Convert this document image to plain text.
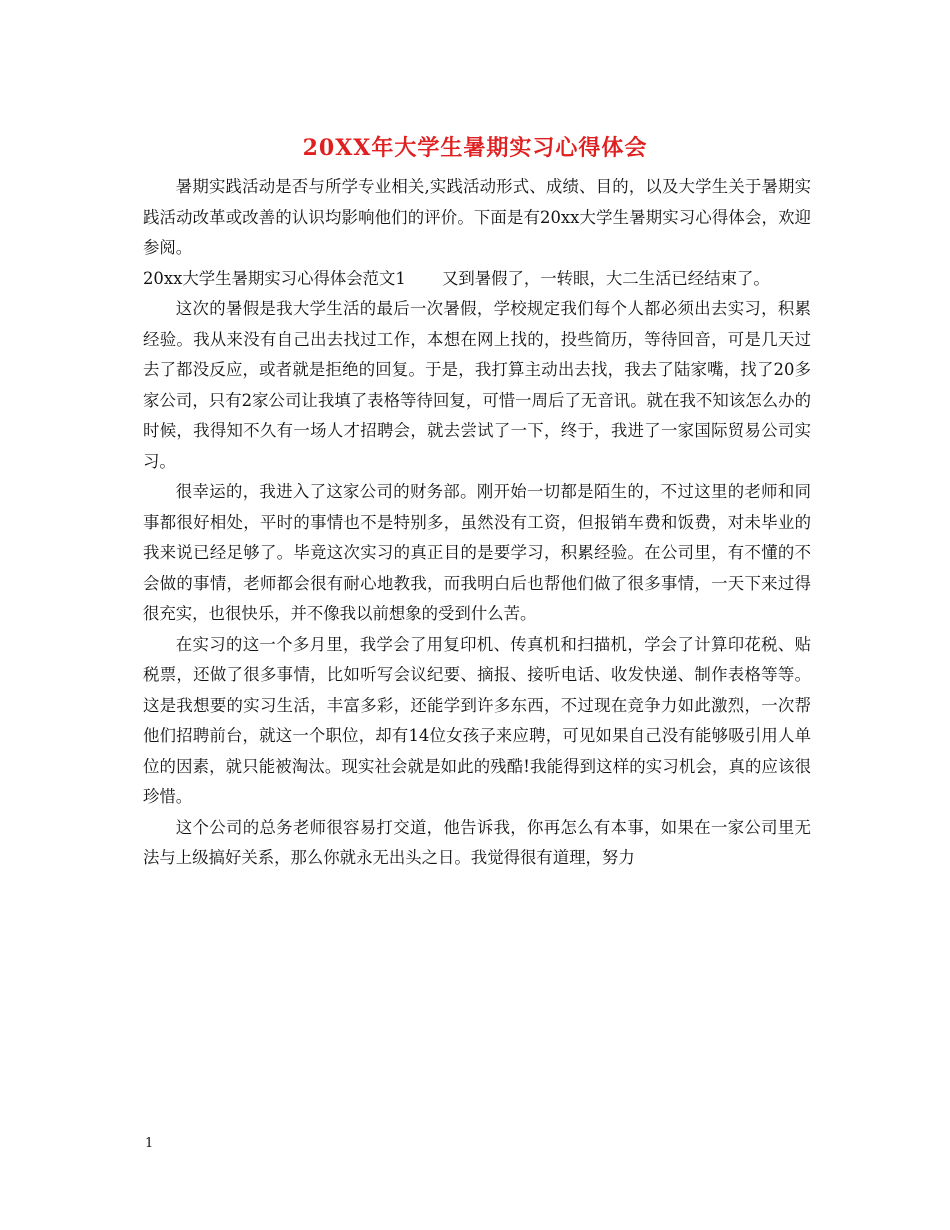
20XX年大学生暑期实习心得体会

暑期实践活动是否与所学专业相关,实践活动形式、成绩、目的，以及大学生关于暑期实践活动改革或改善的认识均影响他们的评价。下面是有20xx大学生暑期实习心得体会，欢迎参阅。

20xx大学生暑期实习心得体会范文1 又到暑假了，一转眼，大二生活已经结束了。

这次的暑假是我大学生活的最后一次暑假，学校规定我们每个人都必须出去实习，积累经验。我从来没有自己出去找过工作，本想在网上找的，投些简历，等待回音，可是几天过去了都没反应，或者就是拒绝的回复。于是，我打算主动出去找，我去了陆家嘴，找了20多家公司，只有2家公司让我填了表格等待回复，可惜一周后了无音讯。就在我不知该怎么办的时候，我得知不久有一场人才招聘会，就去尝试了一下，终于，我进了一家国际贸易公司实习。

很幸运的，我进入了这家公司的财务部。刚开始一切都是陌生的，不过这里的老师和同事都很好相处，平时的事情也不是特别多，虽然没有工资，但报销车费和饭费，对未毕业的我来说已经足够了。毕竟这次实习的真正目的是要学习，积累经验。在公司里，有不懂的不会做的事情，老师都会很有耐心地教我，而我明白后也帮他们做了很多事情，一天下来过得很充实，也很快乐，并不像我以前想象的受到什么苦。

在实习的这一个多月里，我学会了用复印机、传真机和扫描机，学会了计算印花税、贴税票，还做了很多事情，比如听写会议纪要、摘报、接听电话、收发快递、制作表格等等。这是我想要的实习生活，丰富多彩，还能学到许多东西，不过现在竞争力如此激烈，一次帮他们招聘前台，就这一个职位，却有14位女孩子来应聘，可见如果自己没有能够吸引用人单位的因素，就只能被淘汰。现实社会就是如此的残酷!我能得到这样的实习机会，真的应该很珍惜。

这个公司的总务老师很容易打交道，他告诉我，你再怎么有本事，如果在一家公司里无法与上级搞好关系，那么你就永无出头之日。我觉得很有道理，努力

1
